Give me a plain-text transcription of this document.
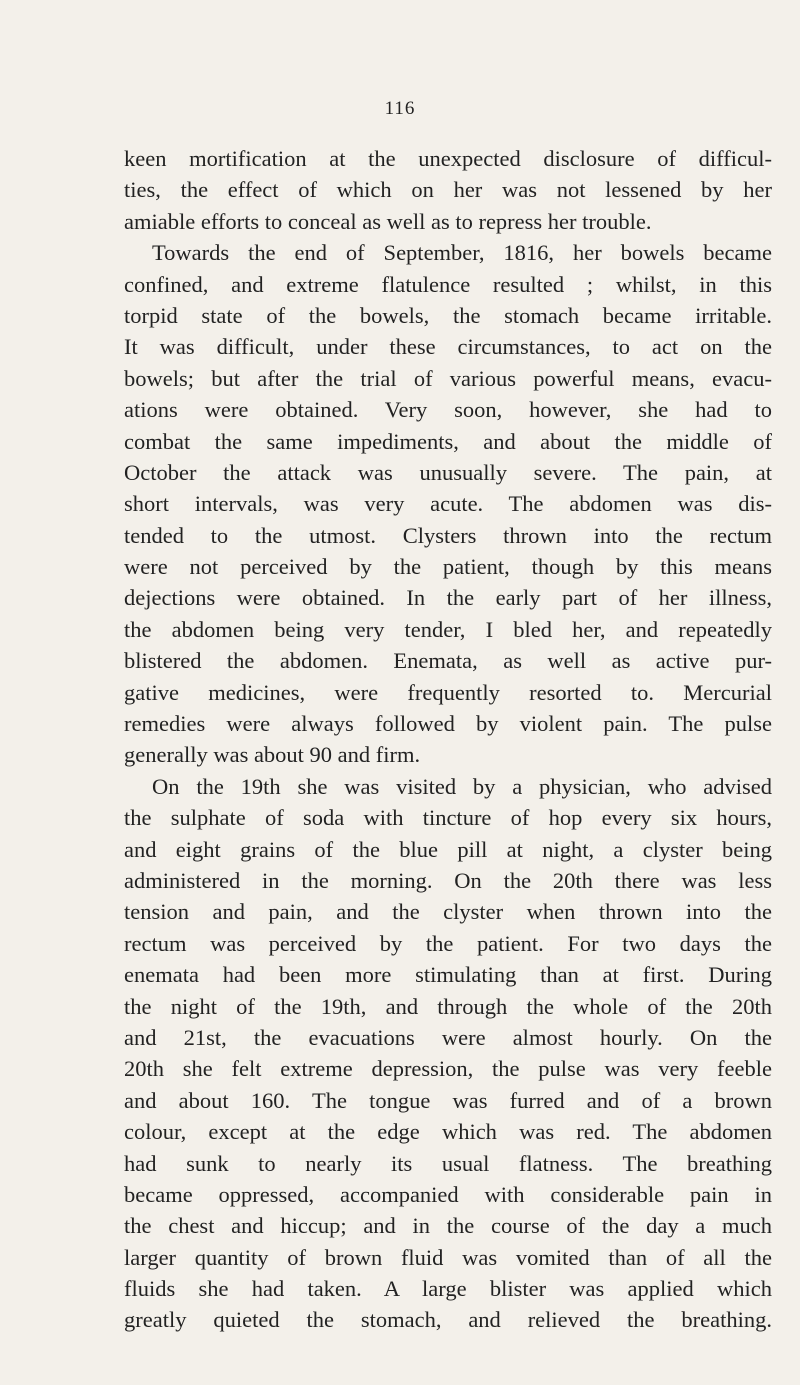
116
keen mortification at the unexpected disclosure of difficul-
ties, the effect of which on her was not lessened by her
amiable efforts to conceal as well as to repress her trouble.
Towards the end of September, 1816, her bowels became
confined, and extreme flatulence resulted ; whilst, in this
torpid state of the bowels, the stomach became irritable.
It was difficult, under these circumstances, to act on the
bowels; but after the trial of various powerful means, evacu-
ations were obtained. Very soon, however, she had to
combat the same impediments, and about the middle of
October the attack was unusually severe. The pain, at
short intervals, was very acute. The abdomen was dis-
tended to the utmost. Clysters thrown into the rectum
were not perceived by the patient, though by this means
dejections were obtained. In the early part of her illness,
the abdomen being very tender, I bled her, and repeatedly
blistered the abdomen. Enemata, as well as active pur-
gative medicines, were frequently resorted to. Mercurial
remedies were always followed by violent pain. The pulse
generally was about 90 and firm.
On the 19th she was visited by a physician, who advised
the sulphate of soda with tincture of hop every six hours,
and eight grains of the blue pill at night, a clyster being
administered in the morning. On the 20th there was less
tension and pain, and the clyster when thrown into the
rectum was perceived by the patient. For two days the
enemata had been more stimulating than at first. During
the night of the 19th, and through the whole of the 20th
and 21st, the evacuations were almost hourly. On the
20th she felt extreme depression, the pulse was very feeble
and about 160. The tongue was furred and of a brown
colour, except at the edge which was red. The abdomen
had sunk to nearly its usual flatness. The breathing
became oppressed, accompanied with considerable pain in
the chest and hiccup; and in the course of the day a much
larger quantity of brown fluid was vomited than of all the
fluids she had taken. A large blister was applied which
greatly quieted the stomach, and relieved the breathing.
